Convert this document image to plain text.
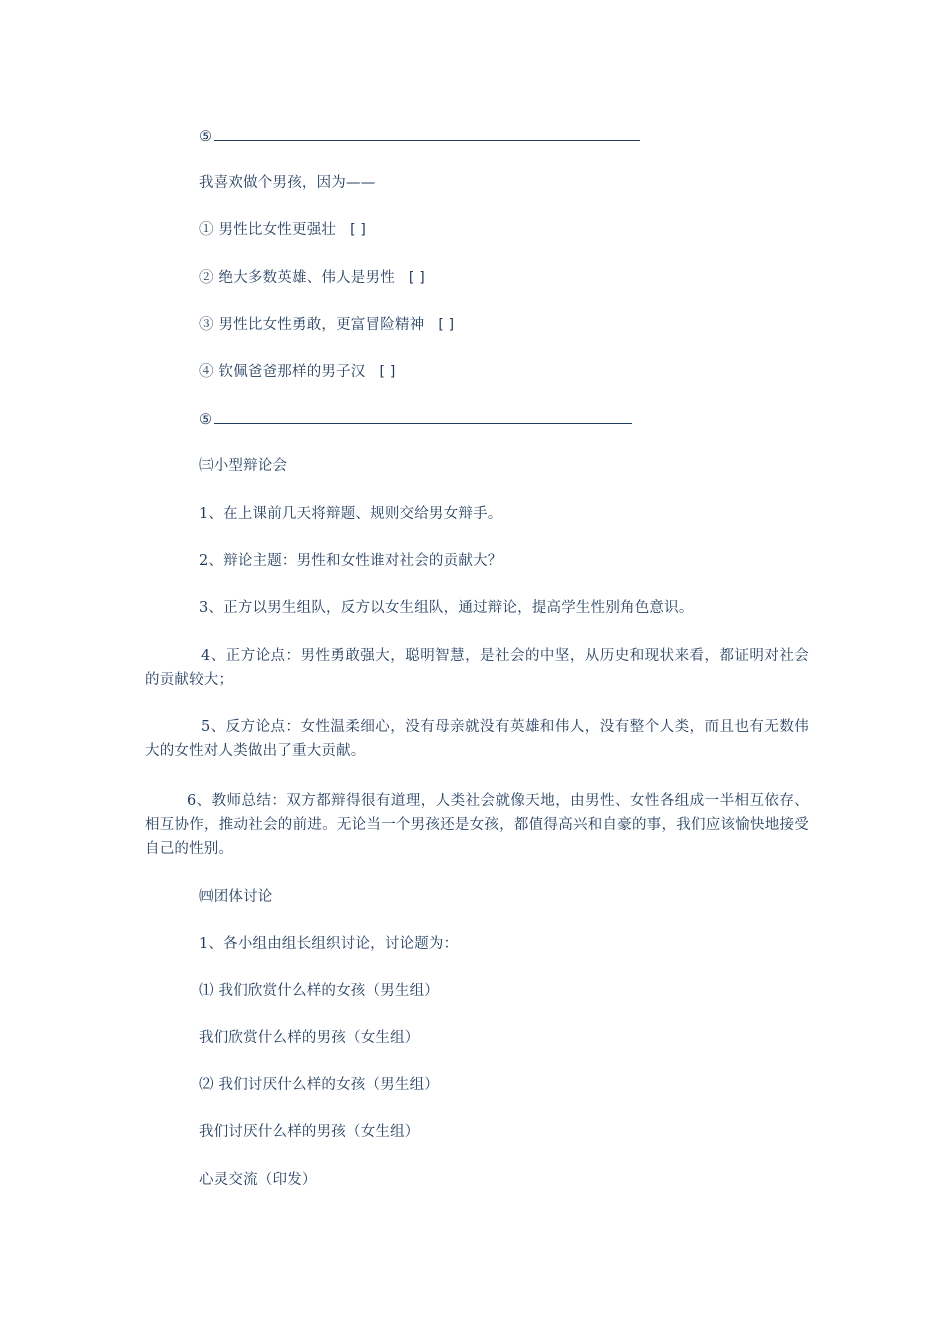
⑤
我喜欢做个男孩，因为——
① 男性比女性更强壮 [ ]
② 绝大多数英雄、伟人是男性 [ ]
③ 男性比女性勇敢，更富冒险精神 [ ]
④ 钦佩爸爸那样的男子汉 [ ]
⑤
㈢小型辩论会
1、在上课前几天将辩题、规则交给男女辩手。
2、辩论主题：男性和女性谁对社会的贡献大？
3、正方以男生组队，反方以女生组队，通过辩论，提高学生性别角色意识。
4、正方论点：男性勇敢强大，聪明智慧，是社会的中坚，从历史和现状来看，都证明对社会的贡献较大；
5、反方论点：女性温柔细心，没有母亲就没有英雄和伟人，没有整个人类，而且也有无数伟大的女性对人类做出了重大贡献。
6、教师总结：双方都辩得很有道理，人类社会就像天地，由男性、女性各组成一半相互依存、相互协作，推动社会的前进。无论当一个男孩还是女孩，都值得高兴和自豪的事，我们应该愉快地接受自己的性别。
㈣团体讨论
1、各小组由组长组织讨论，讨论题为：
⑴ 我们欣赏什么样的女孩（男生组）
我们欣赏什么样的男孩（女生组）
⑵ 我们讨厌什么样的女孩（男生组）
我们讨厌什么样的男孩（女生组）
心灵交流（印发）
